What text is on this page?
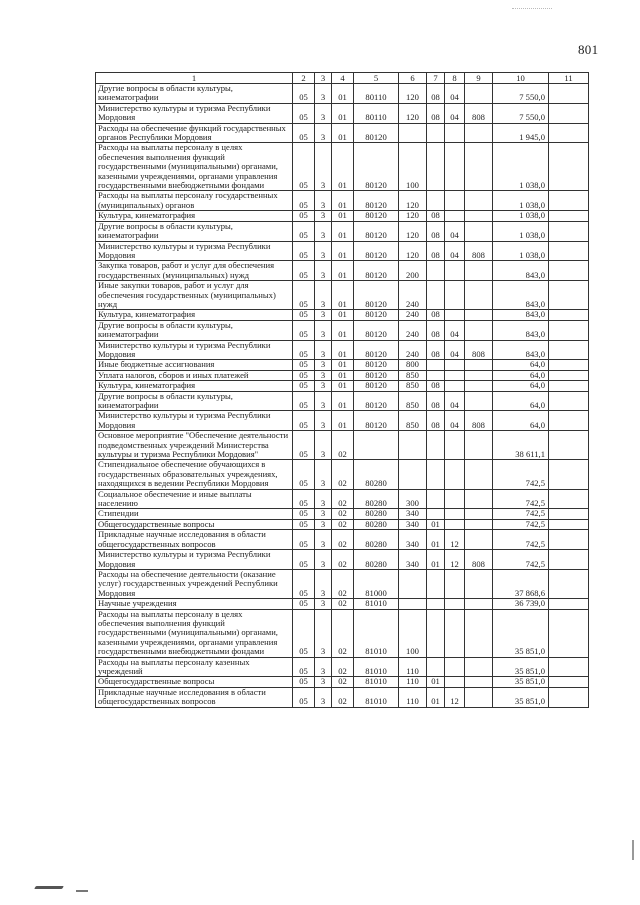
801
1	2	3	4	5	6	7	8	9	10	11
Другие вопросы в области культуры, кинематографии	05	3	01	80110	120	08	04		7 550,0	
Министерство культуры и туризма Республики Мордовия	05	3	01	80110	120	08	04	808	7 550,0	
Расходы на обеспечение функций государственных органов Республики Мордовия	05	3	01	80120					1 945,0	
Расходы на выплаты персоналу в целях обеспечения выполнения функций государственными (муниципальными) органами, казенными учреждениями, органами управления государственными внебюджетными фондами	05	3	01	80120	100				1 038,0	
Расходы на выплаты персоналу государственных (муниципальных) органов	05	3	01	80120	120				1 038,0	
Культура, кинематография	05	3	01	80120	120	08			1 038,0	
Другие вопросы в области культуры, кинематографии	05	3	01	80120	120	08	04		1 038,0	
Министерство культуры и туризма Республики Мордовия	05	3	01	80120	120	08	04	808	1 038,0	
Закупка товаров, работ и услуг для обеспечения государственных (муниципальных) нужд	05	3	01	80120	200				843,0	
Иные закупки товаров, работ и услуг для обеспечения государственных (муниципальных) нужд	05	3	01	80120	240				843,0	
Культура, кинематография	05	3	01	80120	240	08			843,0	
Другие вопросы в области культуры, кинематографии	05	3	01	80120	240	08	04		843,0	
Министерство культуры и туризма Республики Мордовия	05	3	01	80120	240	08	04	808	843,0	
Иные бюджетные ассигнования	05	3	01	80120	800				64,0	
Уплата налогов, сборов и иных платежей	05	3	01	80120	850				64,0	
Культура, кинематография	05	3	01	80120	850	08			64,0	
Другие вопросы в области культуры, кинематографии	05	3	01	80120	850	08	04		64,0	
Министерство культуры и туризма Республики Мордовия	05	3	01	80120	850	08	04	808	64,0	
Основное мероприятие "Обеспечение деятельности подведомственных учреждений Министерства культуры и туризма Республики Мордовия"	05	3	02						38 611,1	
Стипендиальное обеспечение обучающихся в государственных образовательных учреждениях, находящихся в ведении Республики Мордовия	05	3	02	80280					742,5	
Социальное обеспечение и иные выплаты населению	05	3	02	80280	300				742,5	
Стипендии	05	3	02	80280	340				742,5	
Общегосударственные вопросы	05	3	02	80280	340	01			742,5	
Прикладные научные исследования в области общегосударственных вопросов	05	3	02	80280	340	01	12		742,5	
Министерство культуры и туризма Республики Мордовия	05	3	02	80280	340	01	12	808	742,5	
Расходы на обеспечение деятельности (оказание услуг) государственных учреждений Республики Мордовия	05	3	02	81000					37 868,6	
Научные учреждения	05	3	02	81010					36 739,0	
Расходы на выплаты персоналу в целях обеспечения выполнения функций государственными (муниципальными) органами, казенными учреждениями, органами управления государственными внебюджетными фондами	05	3	02	81010	100				35 851,0	
Расходы на выплаты персоналу казенных учреждений	05	3	02	81010	110				35 851,0	
Общегосударственные вопросы	05	3	02	81010	110	01			35 851,0	
Прикладные научные исследования в области общегосударственных вопросов	05	3	02	81010	110	01	12		35 851,0	
